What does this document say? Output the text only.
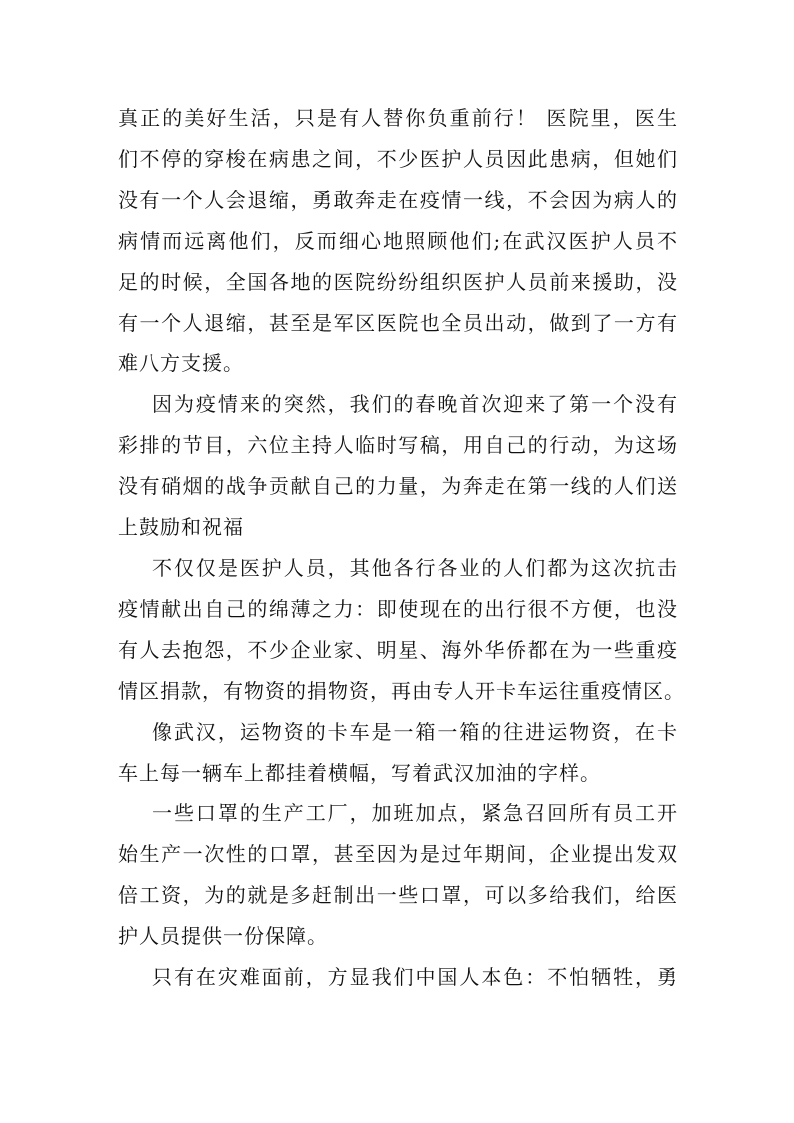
真正的美好生活，只是有人替你负重前行！ 医院里，医生
们不停的穿梭在病患之间，不少医护人员因此患病，但她们
没有一个人会退缩，勇敢奔走在疫情一线，不会因为病人的
病情而远离他们，反而细心地照顾他们;在武汉医护人员不
足的时候，全国各地的医院纷纷组织医护人员前来援助，没
有一个人退缩，甚至是军区医院也全员出动，做到了一方有
难八方支援。
因为疫情来的突然，我们的春晚首次迎来了第一个没有
彩排的节目，六位主持人临时写稿，用自己的行动，为这场
没有硝烟的战争贡献自己的力量，为奔走在第一线的人们送
上鼓励和祝福
不仅仅是医护人员，其他各行各业的人们都为这次抗击
疫情献出自己的绵薄之力：即使现在的出行很不方便，也没
有人去抱怨，不少企业家、明星、海外华侨都在为一些重疫
情区捐款，有物资的捐物资，再由专人开卡车运往重疫情区。
像武汉，运物资的卡车是一箱一箱的往进运物资，在卡
车上每一辆车上都挂着横幅，写着武汉加油的字样。
一些口罩的生产工厂，加班加点，紧急召回所有员工开
始生产一次性的口罩，甚至因为是过年期间，企业提出发双
倍工资，为的就是多赶制出一些口罩，可以多给我们，给医
护人员提供一份保障。
只有在灾难面前，方显我们中国人本色：不怕牺牲，勇
